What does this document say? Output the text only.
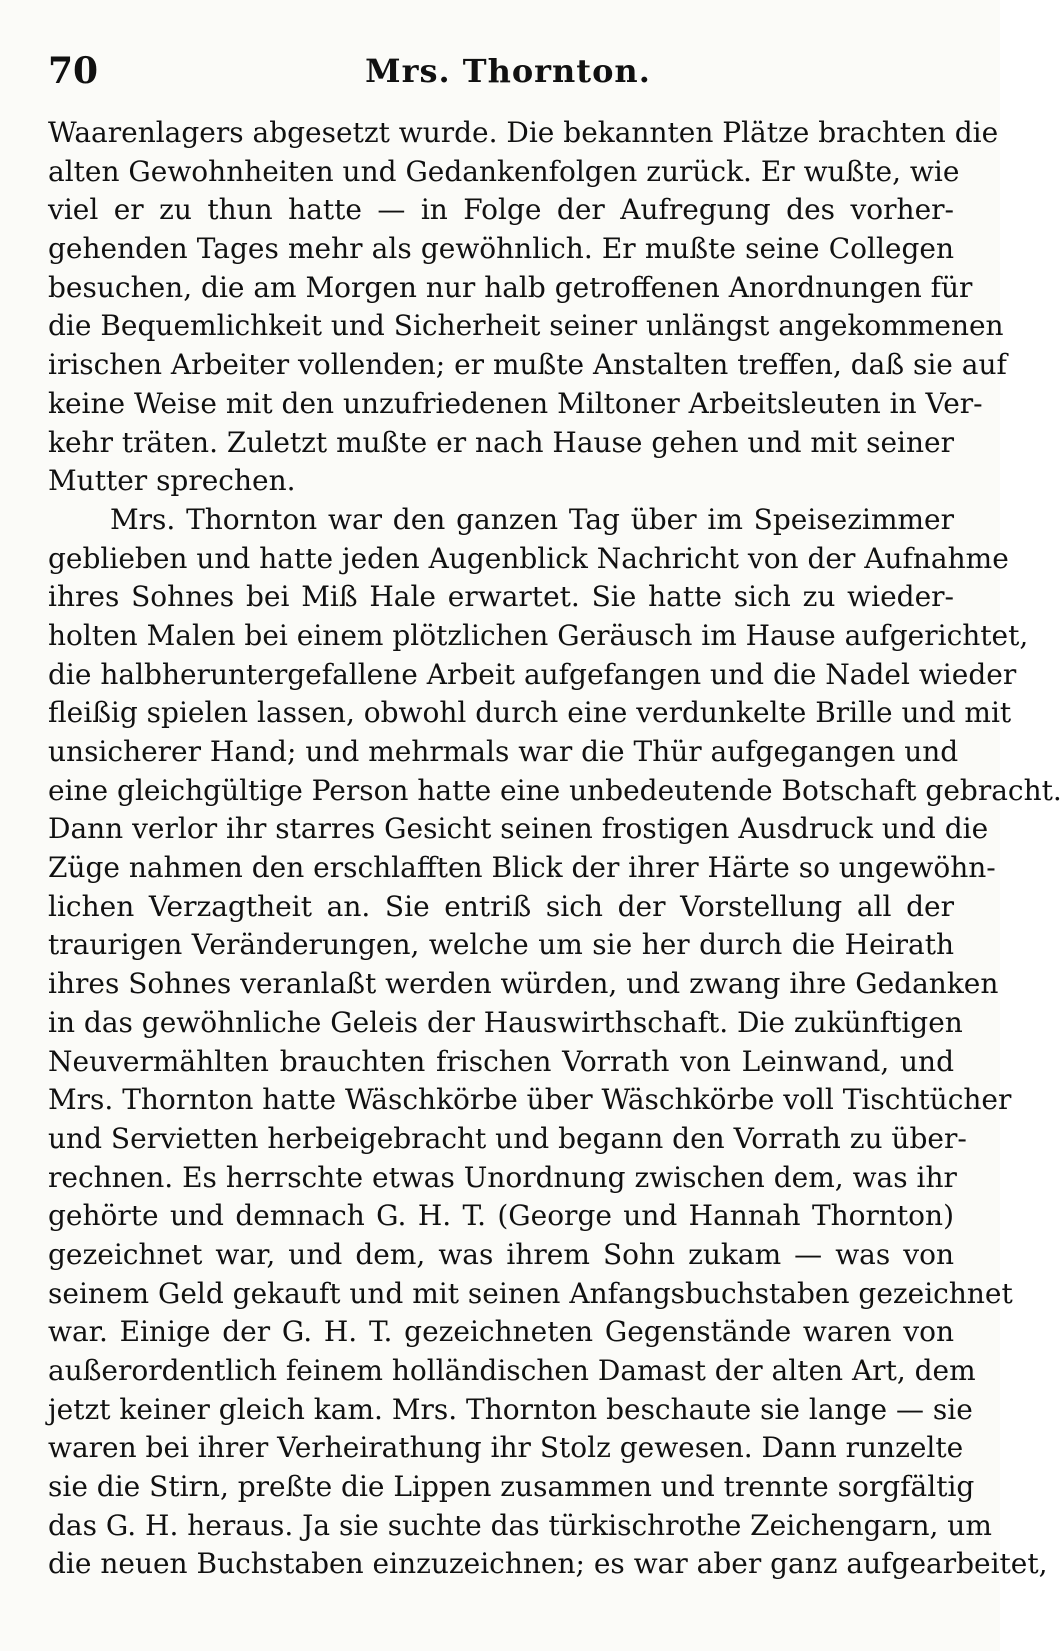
70	Mrs. Thornton.
Waarenlagers abgesetzt wurde. Die bekannten Plätze brachten die
alten Gewohnheiten und Gedankenfolgen zurück. Er wußte, wie
viel er zu thun hatte — in Folge der Aufregung des vorher-
gehenden Tages mehr als gewöhnlich. Er mußte seine Collegen
besuchen, die am Morgen nur halb getroffenen Anordnungen für
die Bequemlichkeit und Sicherheit seiner unlängst angekommenen
irischen Arbeiter vollenden; er mußte Anstalten treffen, daß sie auf
keine Weise mit den unzufriedenen Miltoner Arbeitsleuten in Ver-
kehr träten. Zuletzt mußte er nach Hause gehen und mit seiner
Mutter sprechen.
Mrs. Thornton war den ganzen Tag über im Speisezimmer
geblieben und hatte jeden Augenblick Nachricht von der Aufnahme
ihres Sohnes bei Miß Hale erwartet. Sie hatte sich zu wieder-
holten Malen bei einem plötzlichen Geräusch im Hause aufgerichtet,
die halbheruntergefallene Arbeit aufgefangen und die Nadel wieder
fleißig spielen lassen, obwohl durch eine verdunkelte Brille und mit
unsicherer Hand; und mehrmals war die Thür aufgegangen und
eine gleichgültige Person hatte eine unbedeutende Botschaft gebracht.
Dann verlor ihr starres Gesicht seinen frostigen Ausdruck und die
Züge nahmen den erschlafften Blick der ihrer Härte so ungewöhn-
lichen Verzagtheit an. Sie entriß sich der Vorstellung all der
traurigen Veränderungen, welche um sie her durch die Heirath
ihres Sohnes veranlaßt werden würden, und zwang ihre Gedanken
in das gewöhnliche Geleis der Hauswirthschaft. Die zukünftigen
Neuvermählten brauchten frischen Vorrath von Leinwand, und
Mrs. Thornton hatte Wäschkörbe über Wäschkörbe voll Tischtücher
und Servietten herbeigebracht und begann den Vorrath zu über-
rechnen. Es herrschte etwas Unordnung zwischen dem, was ihr
gehörte und demnach G. H. T. (George und Hannah Thornton)
gezeichnet war, und dem, was ihrem Sohn zukam — was von
seinem Geld gekauft und mit seinen Anfangsbuchstaben gezeichnet
war. Einige der G. H. T. gezeichneten Gegenstände waren von
außerordentlich feinem holländischen Damast der alten Art, dem
jetzt keiner gleich kam. Mrs. Thornton beschaute sie lange — sie
waren bei ihrer Verheirathung ihr Stolz gewesen. Dann runzelte
sie die Stirn, preßte die Lippen zusammen und trennte sorgfältig
das G. H. heraus. Ja sie suchte das türkischrothe Zeichengarn, um
die neuen Buchstaben einzuzeichnen; es war aber ganz aufgearbeitet,
